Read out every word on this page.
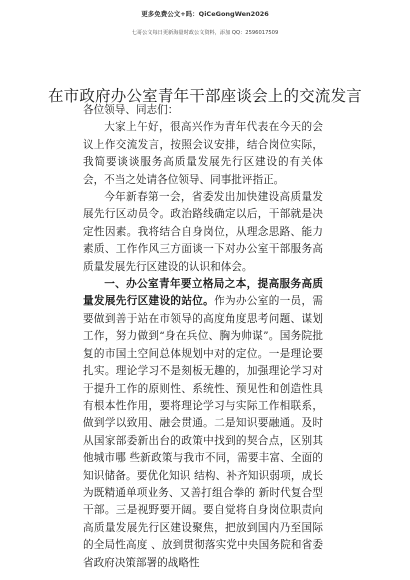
更多免费公文+吗：QiCeGongWen2026
七哥公文每日更新海量时政公文资料，添加 QQ：2596017509
在市政府办公室青年干部座谈会上的交流发言

各位领导、同志们：

大家上午好，很高兴作为青年代表在今天的会议上作交流发言，按照会议安排，结合岗位实际，我简要谈谈服务高质量发展先行区建设的有关体会，不当之处请各位领导、同事批评指正。

今年新春第一会，省委发出加快建设高质量发展先行区动员令。政治路线确定以后，干部就是决定性因素。我将结合自身岗位，从理念思路、能力素质、工作作风三方面谈一下对办公室干部服务高质量发展先行区建设的认识和体会。

一、办公室青年要立格局之本，提高服务高质量发展先行区建设的站位。作为办公室的一员，需要做到善于站在市领导的高度角度思考问题、谋划工作，努力做到“身在兵位、胸为帅谋”。国务院批复的市国土空间总体规划中对的定位。一是理论要扎实。理论学习不是刻板无趣的，加强理论学习对于提升工作的原则性、系统性、预见性和创造性具有根本性作用，要将理论学习与实际工作相联系，做到学以致用、融会贯通。二是知识要融通。及时从国家部委新出台的政策中找到的契合点，区别其他城市哪 些新政策与我市不同，需要丰富、全面的知识储备。要优化知识 结构、补齐知识弱项，成长为既精通单项业务、又善打组合拳的 新时代复合型干部。三是视野要开阔。要自觉将自身岗位职责向 高质量发展先行区建设聚焦，把放到国内乃至国际的全局性高度 、放到贯彻落实党中央国务院和省委省政府决策部署的战略性
